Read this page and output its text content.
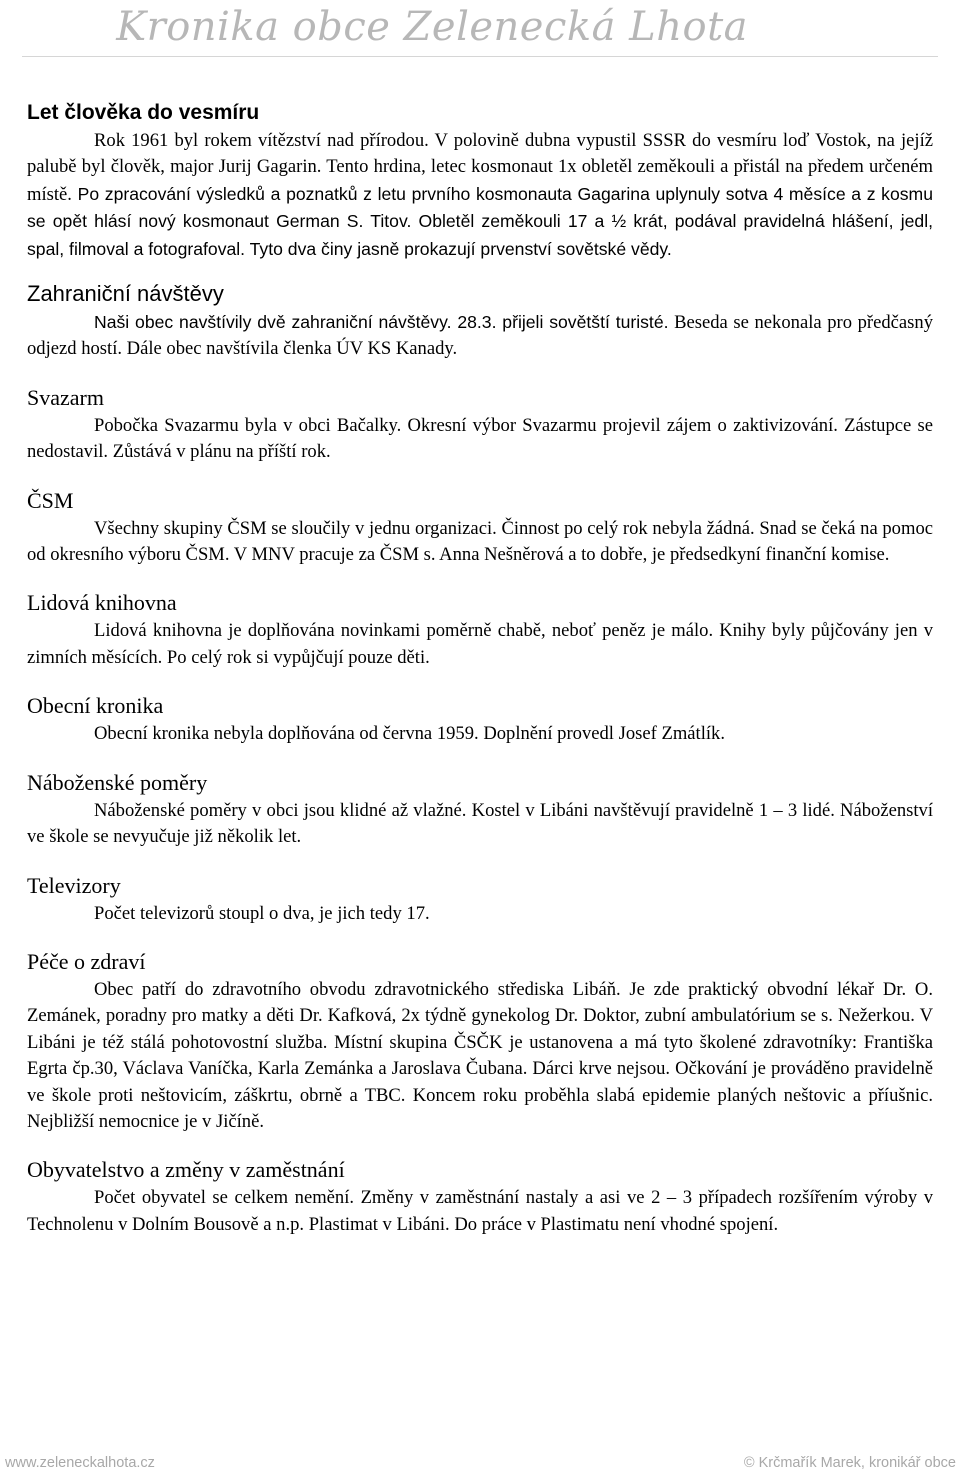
Kronika obce Zelenecká Lhota
Let člověka do vesmíru

Rok 1961 byl rokem vítězství nad přírodou. V polovině dubna vypustil SSSR do vesmíru loď Vostok, na jejíž palubě byl člověk, major Jurij Gagarin. Tento hrdina, letec kosmonaut 1x obletěl zeměkouli a přistál na předem určeném místě. Po zpracování výsledků a poznatků z letu prvního kosmonauta Gagarina uplynuly sotva 4 měsíce a z kosmu se opět hlásí nový kosmonaut German S. Titov. Obletěl zeměkouli 17 a ½ krát, podával pravidelná hlášení, jedl, spal, filmoval a fotografoval. Tyto dva činy jasně prokazují prvenství sovětské vědy.

Zahraniční návštěvy

Naši obec navštívily dvě zahraniční návštěvy. 28.3. přijeli sovětští turisté. Beseda se nekonala pro předčasný odjezd hostí. Dále obec navštívila členka ÚV KS Kanady.

Svazarm

Pobočka Svazarmu byla v obci Bačalky. Okresní výbor Svazarmu projevil zájem o zaktivizování. Zástupce se nedostavil. Zůstává v plánu na příští rok.

ČSM

Všechny skupiny ČSM se sloučily v jednu organizaci. Činnost po celý rok nebyla žádná. Snad se čeká na pomoc od okresního výboru ČSM. V MNV pracuje za ČSM s. Anna Nešněrová a to dobře, je předsedkyní finanční komise.

Lidová knihovna

Lidová knihovna je doplňována novinkami poměrně chabě, neboť peněz je málo. Knihy byly půjčovány jen v zimních měsících. Po celý rok si vypůjčují pouze děti.

Obecní kronika

Obecní kronika nebyla doplňována od června 1959. Doplnění provedl Josef Zmátlík.

Náboženské poměry

Náboženské poměry v obci jsou klidné až vlažné. Kostel v Libáni navštěvují pravidelně 1 – 3 lidé. Náboženství ve škole se nevyučuje již několik let.

Televizory

Počet televizorů stoupl o dva, je jich tedy 17.

Péče o zdraví

Obec patří do zdravotního obvodu zdravotnického střediska Libáň. Je zde praktický obvodní lékař Dr. O. Zemánek, poradny pro matky a děti Dr. Kafková, 2x týdně gynekolog Dr. Doktor, zubní ambulatórium se s. Nežerkou. V Libáni je též stálá pohotovostní služba. Místní skupina ČSČK je ustanovena a má tyto školené zdravotníky: Františka Egrta čp.30, Václava Vaníčka, Karla Zemánka a Jaroslava Čubana. Dárci krve nejsou. Očkování je prováděno pravidelně ve škole proti neštovicím, záškrtu, obrně a TBC. Koncem roku proběhla slabá epidemie planých neštovic a příušnic. Nejbližší nemocnice je v Jičíně.

Obyvatelstvo a změny v zaměstnání

Počet obyvatel se celkem nemění. Změny v zaměstnání nastaly a asi ve 2 – 3 případech rozšířením výroby v Technolenu v Dolním Bousově a n.p. Plastimat v Libáni. Do práce v Plastimatu není vhodné spojení.

www.zeleneckalhota.cz	© Krčmařík Marek, kronikář obce
